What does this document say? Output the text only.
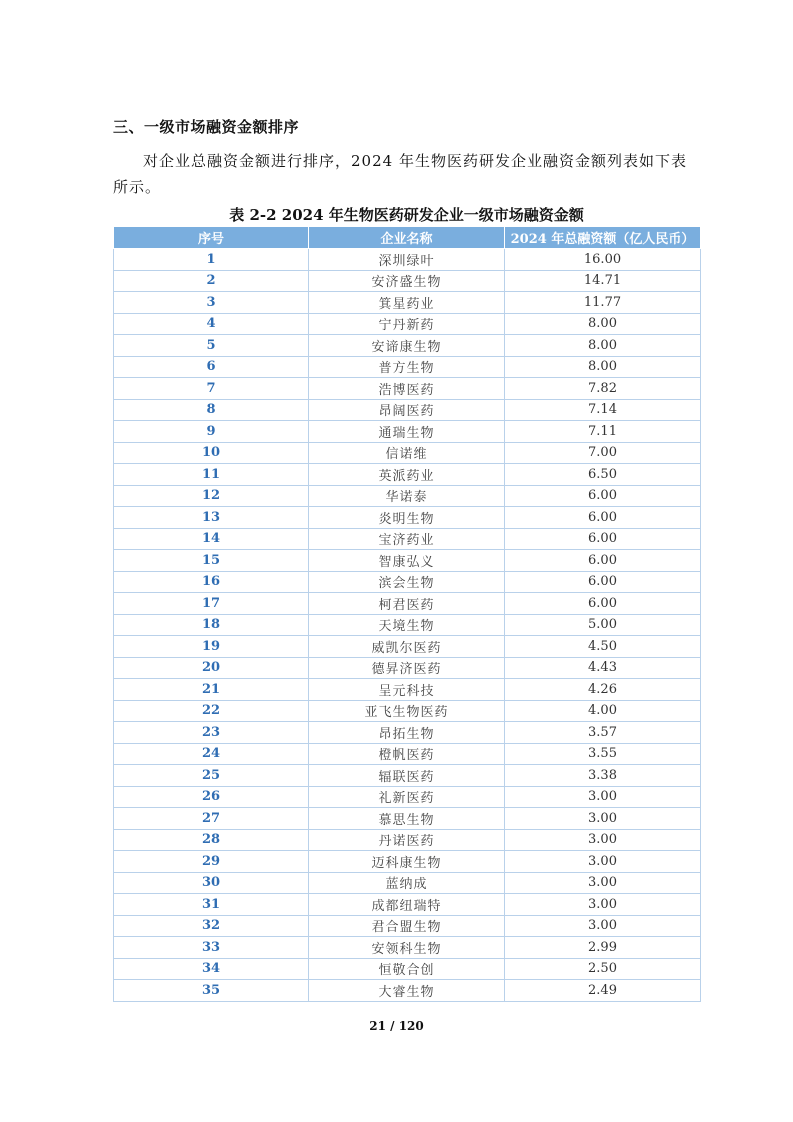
三、一级市场融资金额排序
对企业总融资金额进行排序，2024 年生物医药研发企业融资金额列表如下表所示。
表 2-2 2024 年生物医药研发企业一级市场融资金额
序号	企业名称	2024 年总融资额（亿人民币）
1	深圳绿叶	16.00
2	安济盛生物	14.71
3	箕星药业	11.77
4	宁丹新药	8.00
5	安谛康生物	8.00
6	普方生物	8.00
7	浩博医药	7.82
8	昂阔医药	7.14
9	通瑞生物	7.11
10	信诺维	7.00
11	英派药业	6.50
12	华诺泰	6.00
13	炎明生物	6.00
14	宝济药业	6.00
15	智康弘义	6.00
16	滨会生物	6.00
17	柯君医药	6.00
18	天境生物	5.00
19	威凯尔医药	4.50
20	德昇济医药	4.43
21	呈元科技	4.26
22	亚飞生物医药	4.00
23	昂拓生物	3.57
24	橙帆医药	3.55
25	辐联医药	3.38
26	礼新医药	3.00
27	慕思生物	3.00
28	丹诺医药	3.00
29	迈科康生物	3.00
30	蓝纳成	3.00
31	成都纽瑞特	3.00
32	君合盟生物	3.00
33	安领科生物	2.99
34	恒敬合创	2.50
35	大睿生物	2.49
21 / 120
